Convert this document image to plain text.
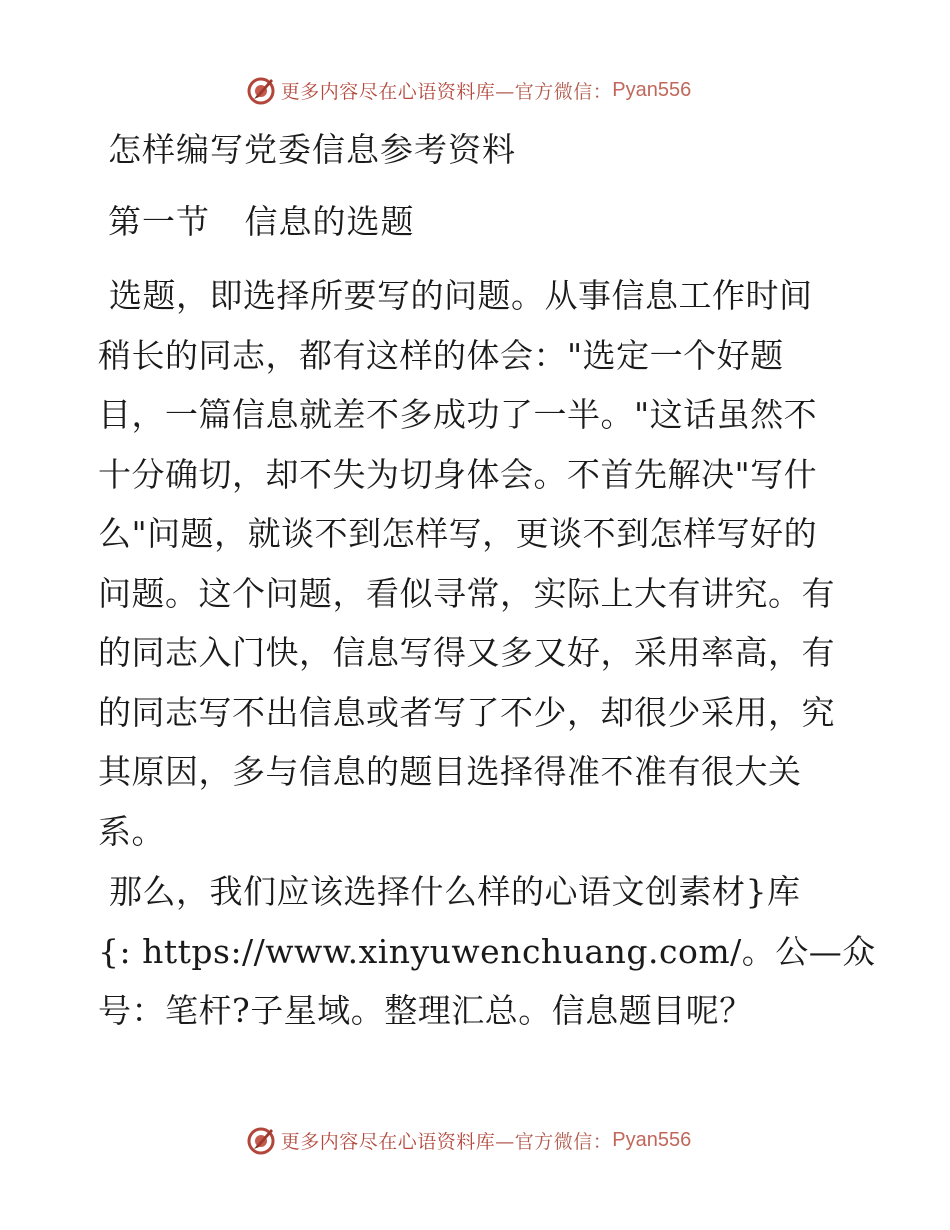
更多内容尽在心语资料库 —官方微信： Pyan556
怎样编写党委信息参考资料
第一节   信息的选题
选题，即选择所要写的问题。从事信息工作时间
稍长的同志，都有这样的体会："选定一个好题
目，一篇信息就差不多成功了一半。"这话虽然不
十分确切，却不失为切身体会。不首先解决"写什
么"问题，就谈不到怎样写，更谈不到怎样写好的
问题。这个问题，看似寻常，实际上大有讲究。有
的同志入门快，信息写得又多又好，采用率高，有
的同志写不出信息或者写了不少，却很少采用，究
其原因，多与信息的题目选择得准不准有很大关
系。
那么，我们应该选择什么样的心语文创素材}库
{: https://www.xinyuwenchuang.com/。公—众
号：笔杆?子星域。整理汇总。信息题目呢？
更多内容尽在心语资料库 —官方微信： Pyan556
